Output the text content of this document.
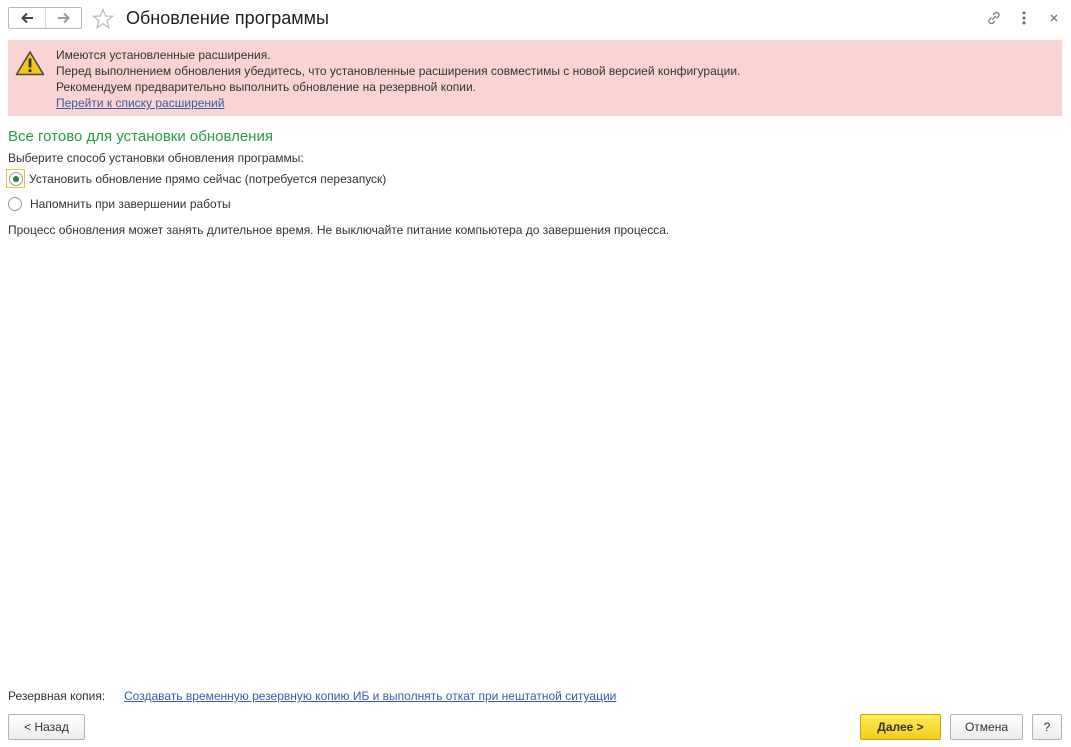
Обновление программы
Имеются установленные расширения.
Перед выполнением обновления убедитесь, что установленные расширения совместимы с новой версией конфигурации.
Рекомендуем предварительно выполнить обновление на резервной копии.
Перейти к списку расширений
Все готово для установки обновления
Выберите способ установки обновления программы:
Установить обновление прямо сейчас (потребуется перезапуск)
Напомнить при завершении работы
Процесс обновления может занять длительное время. Не выключайте питание компьютера до завершения процесса.
Резервная копия: Создавать временную резервную копию ИБ и выполнять откат при нештатной ситуации
< Назад	Далее >	Отмена	?
